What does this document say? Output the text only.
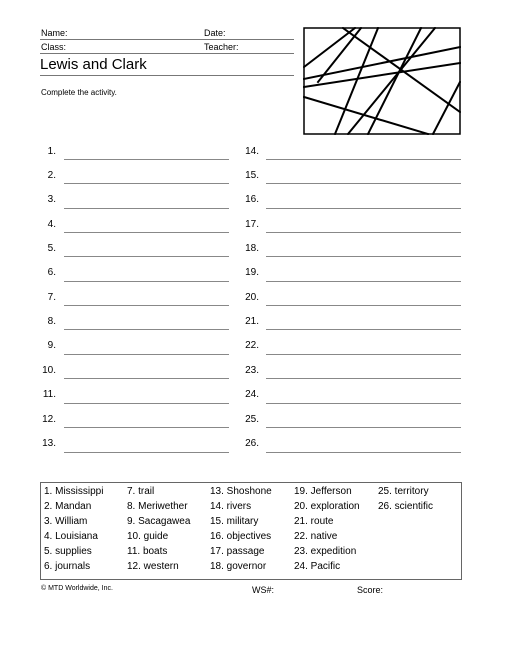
Name:	Date:
Class:	Teacher:
Lewis and Clark
Complete the activity.
1.
2.
3.
4.
5.
6.
7.
8.
9.
10.
11.
12.
13.
14.
15.
16.
17.
18.
19.
20.
21.
22.
23.
24.
25.
26.
1. Mississippi
2. Mandan
3. William
4. Louisiana
5. supplies
6. journals
7. trail
8. Meriwether
9. Sacagawea
10. guide
11. boats
12. western
13. Shoshone
14. rivers
15. military
16. objectives
17. passage
18. governor
19. Jefferson
20. exploration
21. route
22. native
23. expedition
24. Pacific
25. territory
26. scientific
© MTD Worldwide, Inc.	WS#:	Score:
